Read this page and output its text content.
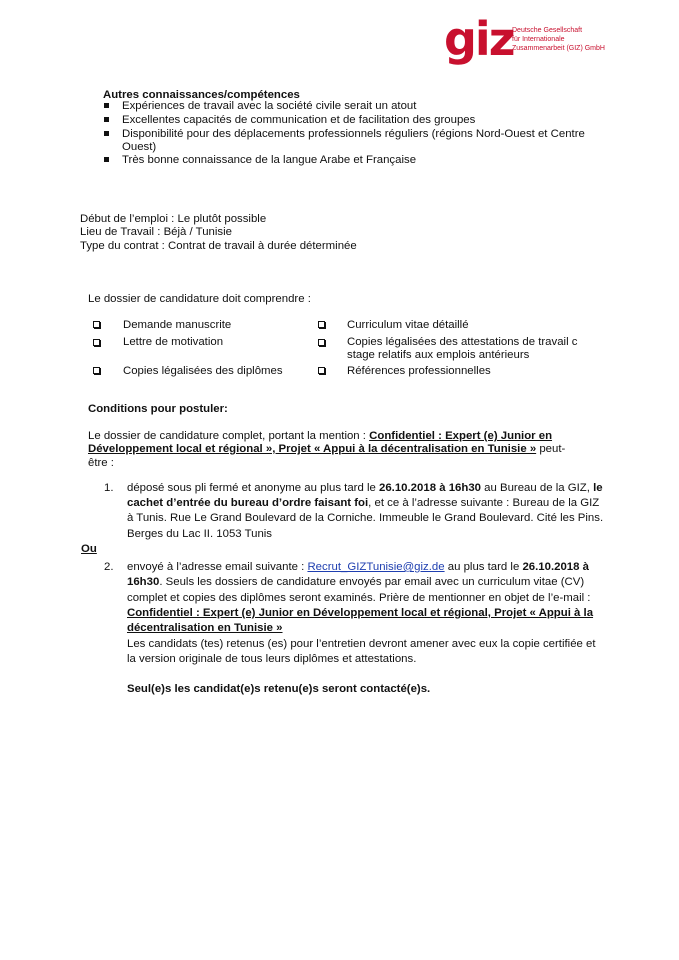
giz
Deutsche Gesellschaft
für Internationale
Zusammenarbeit (GIZ) GmbH
Autres connaissances/compétences
Expériences de travail avec la société civile serait un atout
Excellentes capacités de communication et de facilitation des groupes
Disponibilité pour des déplacements professionnels réguliers (régions Nord-Ouest et Centre
Ouest)
Très bonne connaissance de la langue Arabe et Française
Début de l’emploi : Le plutôt possible
Lieu de Travail : Béjà / Tunisie
Type du contrat : Contrat de travail à durée déterminée
Le dossier de candidature doit comprendre :
Demande manuscrite
Lettre de motivation
Copies légalisées des diplômes
Curriculum vitae détaillé
Copies légalisées des attestations de travail c
stage relatifs aux emplois antérieurs
Références professionnelles
Conditions pour postuler:
Le dossier de candidature complet, portant la mention : Confidentiel : Expert (e) Junior en
Développement local et régional », Projet « Appui à la décentralisation en Tunisie » peut-
être :
1. déposé sous pli fermé et anonyme au plus tard le 26.10.2018 à 16h30 au Bureau de la GIZ, le
cachet d’entrée du bureau d’ordre faisant foi, et ce à l’adresse suivante : Bureau de la GIZ
à Tunis. Rue Le Grand Boulevard de la Corniche. Immeuble le Grand Boulevard. Cité les Pins.
Berges du Lac II. 1053 Tunis
Ou
2. envoyé à l’adresse email suivante : Recrut_GIZTunisie@giz.de au plus tard le 26.10.2018 à
16h30. Seuls les dossiers de candidature envoyés par email avec un curriculum vitae (CV)
complet et copies des diplômes seront examinés. Prière de mentionner en objet de l’e-mail :
Confidentiel : Expert (e) Junior en Développement local et régional, Projet « Appui à la
décentralisation en Tunisie »
Les candidats (tes) retenus (es) pour l’entretien devront amener avec eux la copie certifiée et
la version originale de tous leurs diplômes et attestations.
Seul(e)s les candidat(e)s retenu(e)s seront contacté(e)s.
